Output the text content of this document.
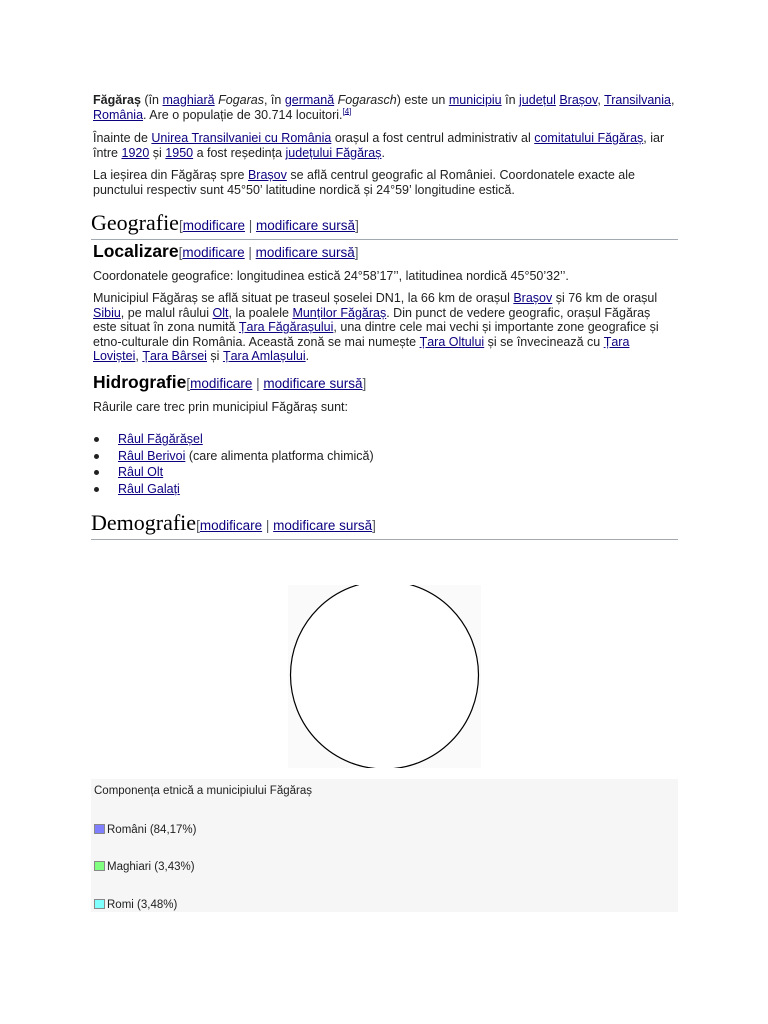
Făgăraș (în maghiară Fogaras, în germană Fogarasch) este un municipiu în județul Brașov, Transilvania, România. Are o populație de 30.714 locuitori.[4]

Înainte de Unirea Transilvaniei cu România orașul a fost centrul administrativ al comitatului Făgăraș, iar între 1920 și 1950 a fost reședința județului Făgăraș.

La ieșirea din Făgăraș spre Brașov se află centrul geografic al României. Coordonatele exacte ale punctului respectiv sunt 45°50’ latitudine nordică și 24°59’ longitudine estică.

Geografie[modificare | modificare sursă]
Localizare[modificare | modificare sursă]

Coordonatele geografice: longitudinea estică 24°58’17’’, latitudinea nordică 45°50’32’’.

Municipiul Făgăraș se află situat pe traseul șoselei DN1, la 66 km de orașul Brașov și 76 km de orașul Sibiu, pe malul râului Olt, la poalele Munților Făgăraș. Din punct de vedere geografic, orașul Făgăraș este situat în zona numită Țara Făgărașului, una dintre cele mai vechi și importante zone geografice și etno-culturale din România. Această zonă se mai numește Țara Oltului și se învecinează cu Țara Loviștei, Țara Bârsei și Țara Amlașului.

Hidrografie[modificare | modificare sursă]

Râurile care trec prin municipiul Făgăraș sunt:

Râul Făgărășel
Râul Berivoi (care alimenta platforma chimică)
Râul Olt
Râul Galați
Demografie[modificare | modificare sursă]
Componența etnică a municipiului Făgăraș
Români (84,17%)
Maghiari (3,43%)
Romi (3,48%)
